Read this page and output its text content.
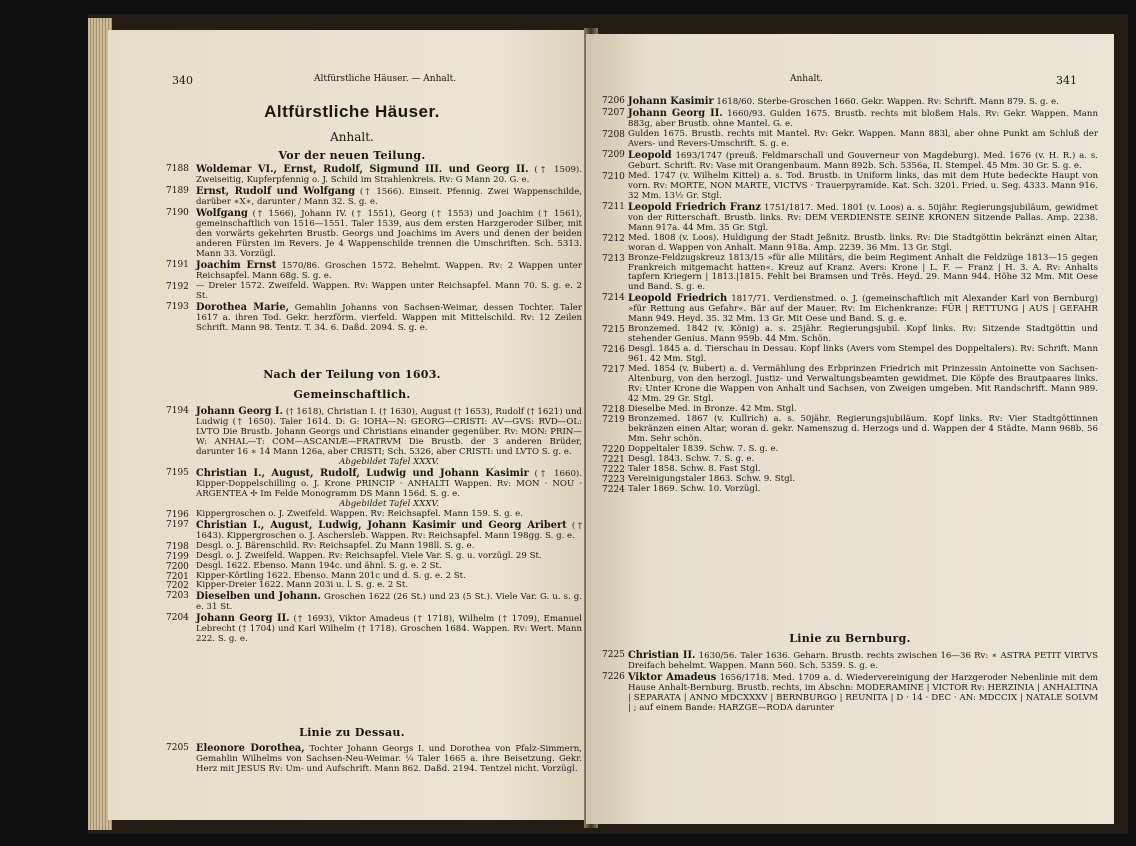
340	Altfürstliche Häuser. — Anhalt.
Altfürstliche Häuser.
Anhalt.
Vor der neuen Teilung.
7188 Woldemar VI., Ernst, Rudolf, Sigmund III. und Georg II. († 1509). Zweiseitig, Kupferpfennig o. J. Schild im Strahlenkreis. Rv: G Mann 20. G. e.
7189 Ernst, Rudolf und Wolfgang († 1566). Einseit. Pfennig. Zwei Wappenschilde, darüber ∗X∗, darunter / Mann 32. S. g. e.
7190 Wolfgang († 1566), Johann IV. († 1551), Georg († 1553) und Joachim († 1561), gemeinschaftlich von 1516—1551. Taler 1539, aus dem ersten Harzgeroder Silber, mit den vorwärts gekehrten Brustb. Georgs und Joachims im Avers und denen der beiden anderen Fürsten im Revers. Je 4 Wappenschilde trennen die Umschriften. Sch. 5313. Mann 33. Vorzügl.
7191 Joachim Ernst 1570/86. Groschen 1572. Behelmt. Wappen. Rv: 2 Wappen unter Reichsapfel. Mann 68g. S. g. e.
7192 — Dreier 1572. Zweifeld. Wappen. Rv: Wappen unter Reichsapfel. Mann 70. S. g. e. 2 St.
7193 Dorothea Marie, Gemahlin Johanns von Sachsen-Weimar, dessen Tochter. Taler 1617 a. ihren Tod. Gekr. herzförm. vierfeld. Wappen mit Mittelschild. Rv: 12 Zeilen Schrift. Mann 98. Tentz. T. 34. 6. Daßd. 2094. S. g. e.
Nach der Teilung von 1603.
Gemeinschaftlich.
7194 Johann Georg I. († 1618), Christian I. († 1630), August († 1653), Rudolf († 1621) und Ludwig († 1650). Taler 1614. D: G: IOHA—N: GEORG—CRISTI: AV—GVS: RVD—OL: LVTO Die Brustb. Johann Georgs und Christians einander gegenüber. Rv: MON: PRIN—W: ANHAL—T: COM—ASCANIÆ—FRATRVM Die Brustb. der 3 anderen Brüder, darunter 16 ∗ 14 Mann 126a, aber CRISTI; Sch. 5326, aber CRISTI: und LVTO S. g. e.
Abgebildet Tafel XXXV.
7195 Christian I., August, Rudolf, Ludwig und Johann Kasimir († 1660). Kipper-Doppelschilling o. J. Krone PRINCIP · ANHALTI Wappen. Rv: MON · NOU · ARGENTEA ✢ Im Felde Monogramm DS Mann 156d. S. g. e.
Abgebildet Tafel XXXV.
7196 Kippergroschen o. J. Zweifeld. Wappen. Rv: Reichsapfel. Mann 159. S. g. e.
7197 Christian I., August, Ludwig, Johann Kasimir und Georg Aribert († 1643). Kippergroschen o. J. Aschersleb. Wappen. Rv: Reichsapfel. Mann 198gg. S. g. e.
7198 Desgl. o. J. Bärenschild. Rv: Reichsapfel. Zu Mann 198ll. S. g. e.
7199 Desgl. o. J. Zweifeld. Wappen. Rv: Reichsapfel. Viele Var. S. g. u. vorzügl. 29 St.
7200 Desgl. 1622. Ebenso. Mann 194c. und ähnl. S. g. e. 2 St.
7201 Kipper-Körtling 1622. Ebenso. Mann 201c und d. S. g. e. 2 St.
7202 Kipper-Dreier 1622. Mann 203i u. l. S. g. e. 2 St.
7203 Dieselben und Johann. Groschen 1622 (26 St.) und 23 (5 St.). Viele Var. G. u. s. g. e. 31 St.
7204 Johann Georg II. († 1693), Viktor Amadeus († 1718), Wilhelm († 1709), Emanuel Lebrecht († 1704) und Karl Wilhelm († 1718). Groschen 1684. Wappen. Rv: Wert. Mann 222. S. g. e.
Linie zu Dessau.
7205 Eleonore Dorothea, Tochter Johann Georgs I. und Dorothea von Pfalz-Simmern, Gemahlin Wilhelms von Sachsen-Neu-Weimar. ¼ Taler 1665 a. ihre Beisetzung. Gekr. Herz mit JESUS Rv: Um- und Aufschrift. Mann 862. Daßd. 2194. Tentzel nicht. Vorzügl.
Anhalt.	341
7206 Johann Kasimir 1618/60. Sterbe-Groschen 1660. Gekr. Wappen. Rv: Schrift. Mann 879. S. g. e.
7207 Johann Georg II. 1660/93. Gulden 1675. Brustb. rechts mit bloßem Hals. Rv: Gekr. Wappen. Mann 883g, aber Brustb. ohne Mantel. G. e.
7208 Gulden 1675. Brustb. rechts mit Mantel. Rv: Gekr. Wappen. Mann 883l, aber ohne Punkt am Schluß der Avers- und Revers-Umschrift. S. g. e.
7209 Leopold 1693/1747 (preuß. Feldmarschall und Gouverneur von Magdeburg). Med. 1676 (v. H. R.) a. s. Geburt. Schrift. Rv: Vase mit Orangenbaum. Mann 892b. Sch. 5356a, II. Stempel. 45 Mm. 30 Gr. S. g. e.
7210 Med. 1747 (v. Wilhelm Kittel) a. s. Tod. Brustb. in Uniform links, das mit dem Hute bedeckte Haupt von vorn. Rv: MORTE, NON MARTE, VICTVS · Trauerpyramide. Kat. Sch. 3201. Fried. u. Seg. 4333. Mann 916. 32 Mm. 13½ Gr. Stgl.
7211 Leopold Friedrich Franz 1751/1817. Med. 1801 (v. Loos) a. s. 50jähr. Regierungsjubiläum, gewidmet von der Ritterschaft. Brustb. links. Rv: DEM VERDIENSTE SEINE KRONEN Sitzende Pallas. Amp. 2238. Mann 917a. 44 Mm. 35 Gr. Stgl.
7212 Med. 1808 (v. Loos). Huldigung der Stadt Jeßnitz. Brustb. links. Rv: Die Stadtgöttin bekränzt einen Altar, woran d. Wappen von Anhalt. Mann 918a. Amp. 2239. 36 Mm. 13 Gr. Stgl.
7213 Bronze-Feldzugskreuz 1813/15 »für alle Militärs, die beim Regiment Anhalt die Feldzüge 1813—15 gegen Frankreich mitgemacht hatten«. Kreuz auf Kranz. Avers: Krone | L. F. — Franz | H. 3. A. Rv: Anhalts tapfern Kriegern | 1813.|1815. Fehlt bei Bramsen und Três. Heyd. 29. Mann 944. Höhe 32 Mm. Mit Oese und Band. S. g. e.
7214 Leopold Friedrich 1817/71. Verdienstmed. o. J. (gemeinschaftlich mit Alexander Karl von Bernburg) »für Rettung aus Gefahr«. Bär auf der Mauer. Rv: Im Eichenkranze: FÜR | RETTUNG | AUS | GEFAHR Mann 949. Heyd. 35. 32 Mm. 13 Gr. Mit Oese und Band. S. g. e.
7215 Bronzemed. 1842 (v. König) a. s. 25jähr. Regierungsjubil. Kopf links. Rv: Sitzende Stadtgöttin und stehender Genius. Mann 959b. 44 Mm. Schön.
7216 Desgl. 1845 a. d. Tierschau in Dessau. Kopf links (Avers vom Stempel des Doppeltalers). Rv: Schrift. Mann 961. 42 Mm. Stgl.
7217 Med. 1854 (v. Bubert) a. d. Vermählung des Erbprinzen Friedrich mit Prinzessin Antoinette von Sachsen-Altenburg, von den herzogl. Justiz- und Verwaltungsbeamten gewidmet. Die Köpfe des Brautpaares links. Rv: Unter Krone die Wappen von Anhalt und Sachsen, von Zweigen umgeben. Mit Randschrift. Mann 989. 42 Mm. 29 Gr. Stgl.
7218 Dieselbe Med. in Bronze. 42 Mm. Stgl.
7219 Bronzemed. 1867 (v. Kullrich) a. s. 50jähr. Regierungsjubiläum. Kopf links. Rv: Vier Stadtgöttinnen bekränzen einen Altar, woran d. gekr. Namenszug d. Herzogs und d. Wappen der 4 Städte. Mann 968b. 56 Mm. Sehr schön.
7220 Doppeltaler 1839. Schw. 7. S. g. e.
7221 Desgl. 1843. Schw. 7. S. g. e.
7222 Taler 1858. Schw. 8. Fast Stgl.
7223 Vereinigungstaler 1863. Schw. 9. Stgl.
7224 Taler 1869. Schw. 10. Vorzügl.
Linie zu Bernburg.
7225 Christian II. 1630/56. Taler 1636. Geharn. Brustb. rechts zwischen 16—36 Rv: ∗ ASTRA PETIT VIRTVS Dreifach behelmt. Wappen. Mann 560. Sch. 5359. S. g. e.
7226 Viktor Amadeus 1656/1718. Med. 1709 a. d. Wiedervereinigung der Harzgeroder Nebenlinie mit dem Hause Anhalt-Bernburg. Brustb. rechts, im Abschn: MODERAMINE | VICTOR Rv: HERZINIA | ANHALTINA | SEPARATA | ANNO MDCXXXV | BERNBURGO | REUNITA | D · 14 · DEC · AN: MDCCIX | NATALE SOLVM | ; auf einem Bande: HARZGE—RODA darunter
